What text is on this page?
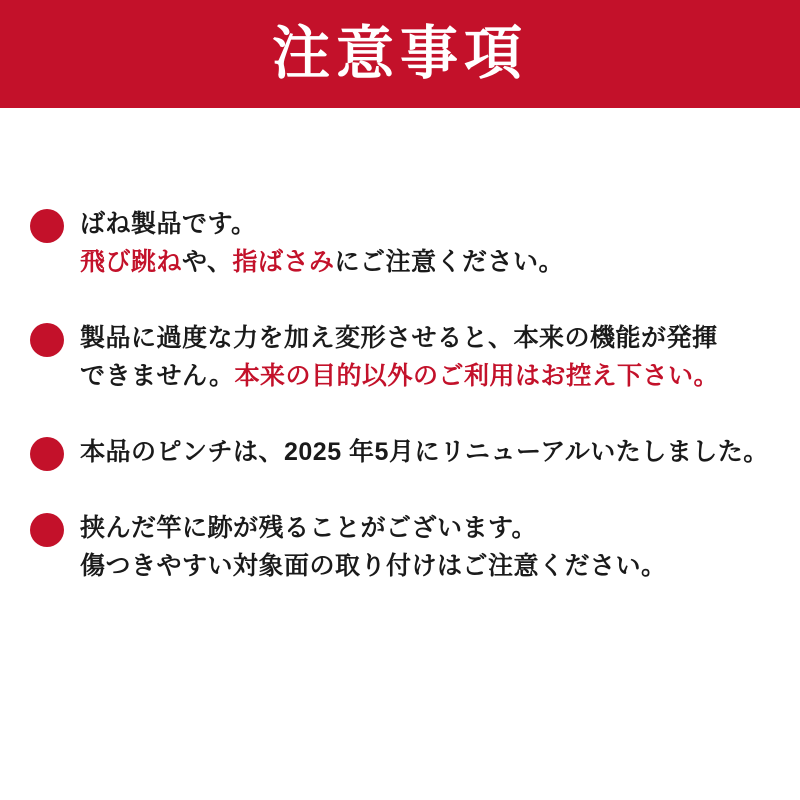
注意事項
ばね製品です。
飛び跳ねや、指ばさみにご注意ください。
製品に過度な力を加え変形させると、本来の機能が発揮
できません。本来の目的以外のご利用はお控え下さい。
本品のピンチは、2025 年5月にリニューアルいたしました。
挟んだ竿に跡が残ることがございます。
傷つきやすい対象面の取り付けはご注意ください。
